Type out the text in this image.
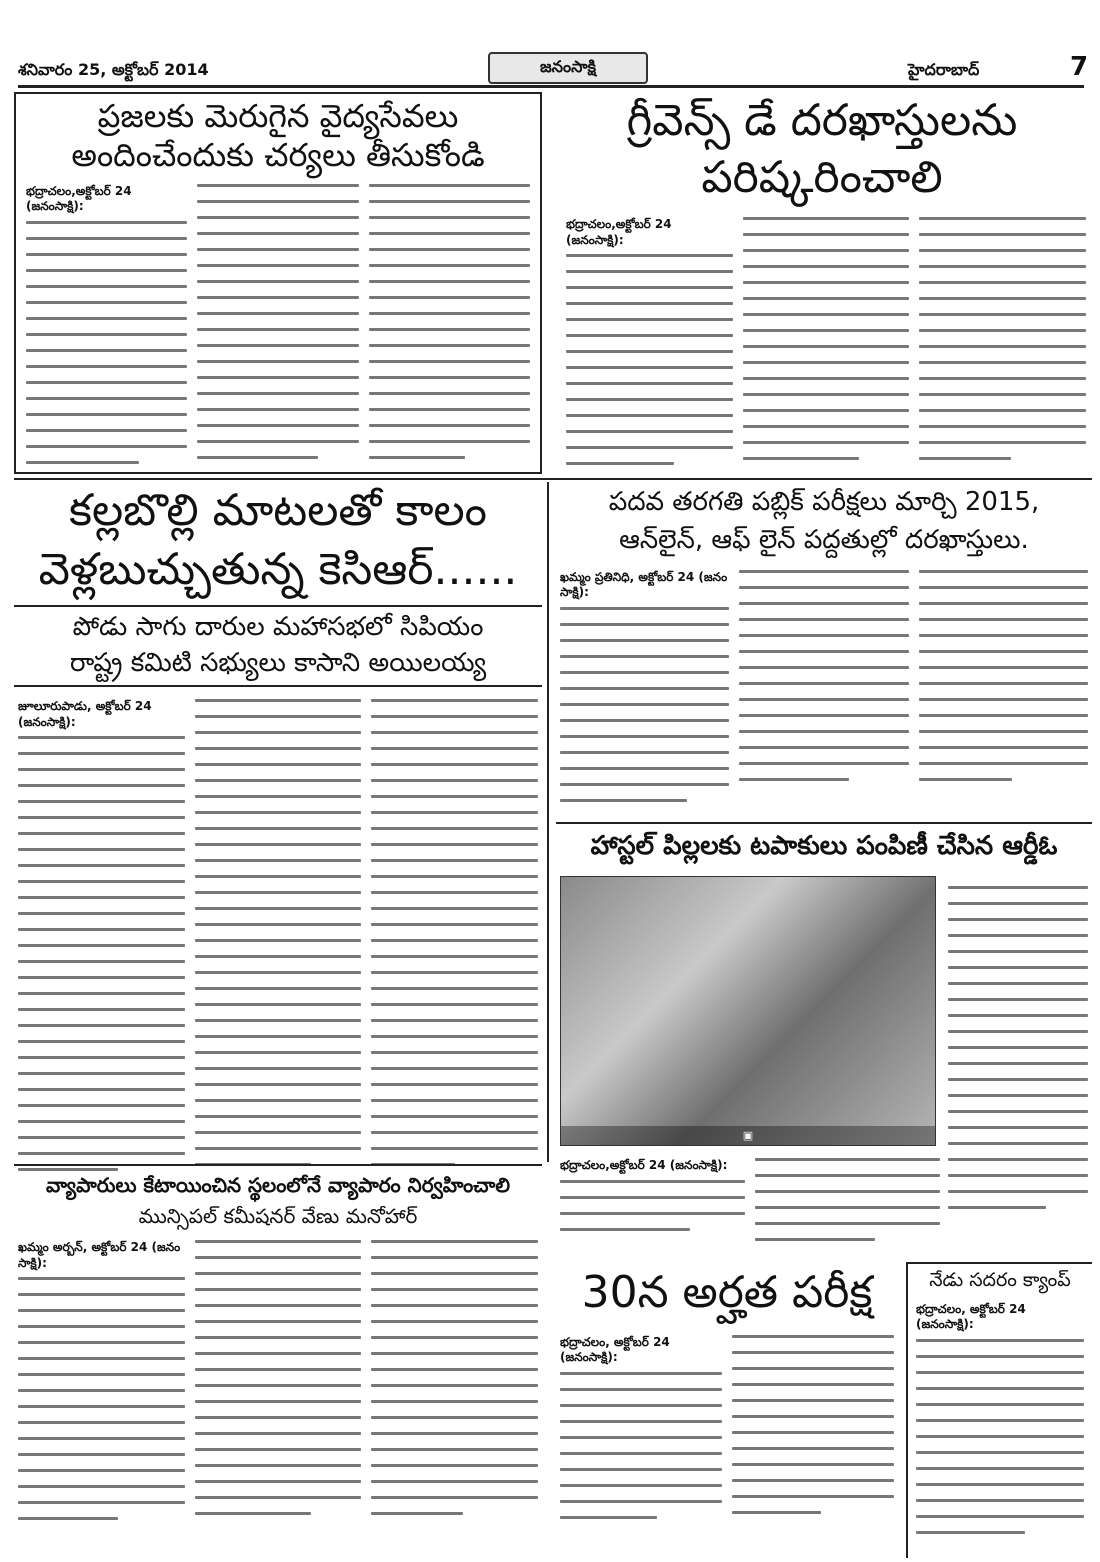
శనివారం 25, అక్టోబర్ 2014	జనంసాక్షి	హైదరాబాద్	7
ప్రజలకు మెరుగైన వైద్యసేవలు
అందించేందుకు చర్యలు తీసుకోండి
భద్రాచలం,అక్టోబర్ 24 (జనంసాక్షి):
గ్రీవెన్స్ డే దరఖాస్తులను
పరిష్కరించాలి
భద్రాచలం,అక్టోబర్ 24 (జనంసాక్షి):
కల్లబొల్లి మాటలతో కాలం
వెళ్లబుచ్చుతున్న కెసిఆర్......
పోడు సాగు దారుల మహాసభలో సిపియం
రాష్ట్ర కమిటి సభ్యులు కాసాని అయిలయ్య
జూలూరుపాడు, అక్టోబర్ 24 (జనంసాక్షి):
పదవ తరగతి పబ్లిక్ పరీక్షలు మార్చి 2015,
ఆన్‌లైన్, ఆఫ్ లైన్ పద్దతుల్లో దరఖాస్తులు.
ఖమ్మం ప్రతినిధి, అక్టోబర్ 24 (జనం సాక్షి):
హాస్టల్ పిల్లలకు టపాకులు పంపిణీ చేసిన ఆర్డీఓ
▣
భద్రాచలం,అక్టోబర్ 24 (జనంసాక్షి):
వ్యాపారులు కేటాయించిన స్థలంలోనే వ్యాపారం నిర్వహించాలి
మున్సిపల్ కమీషనర్ వేణు మనోహార్
ఖమ్మం అర్బన్, అక్టోబర్ 24 (జనం సాక్షి):
30న అర్హత పరీక్ష
భద్రాచలం, అక్టోబర్ 24 (జనంసాక్షి):
నేడు సదరం క్యాంప్
భద్రాచలం, అక్టోబర్ 24 (జనంసాక్షి):
